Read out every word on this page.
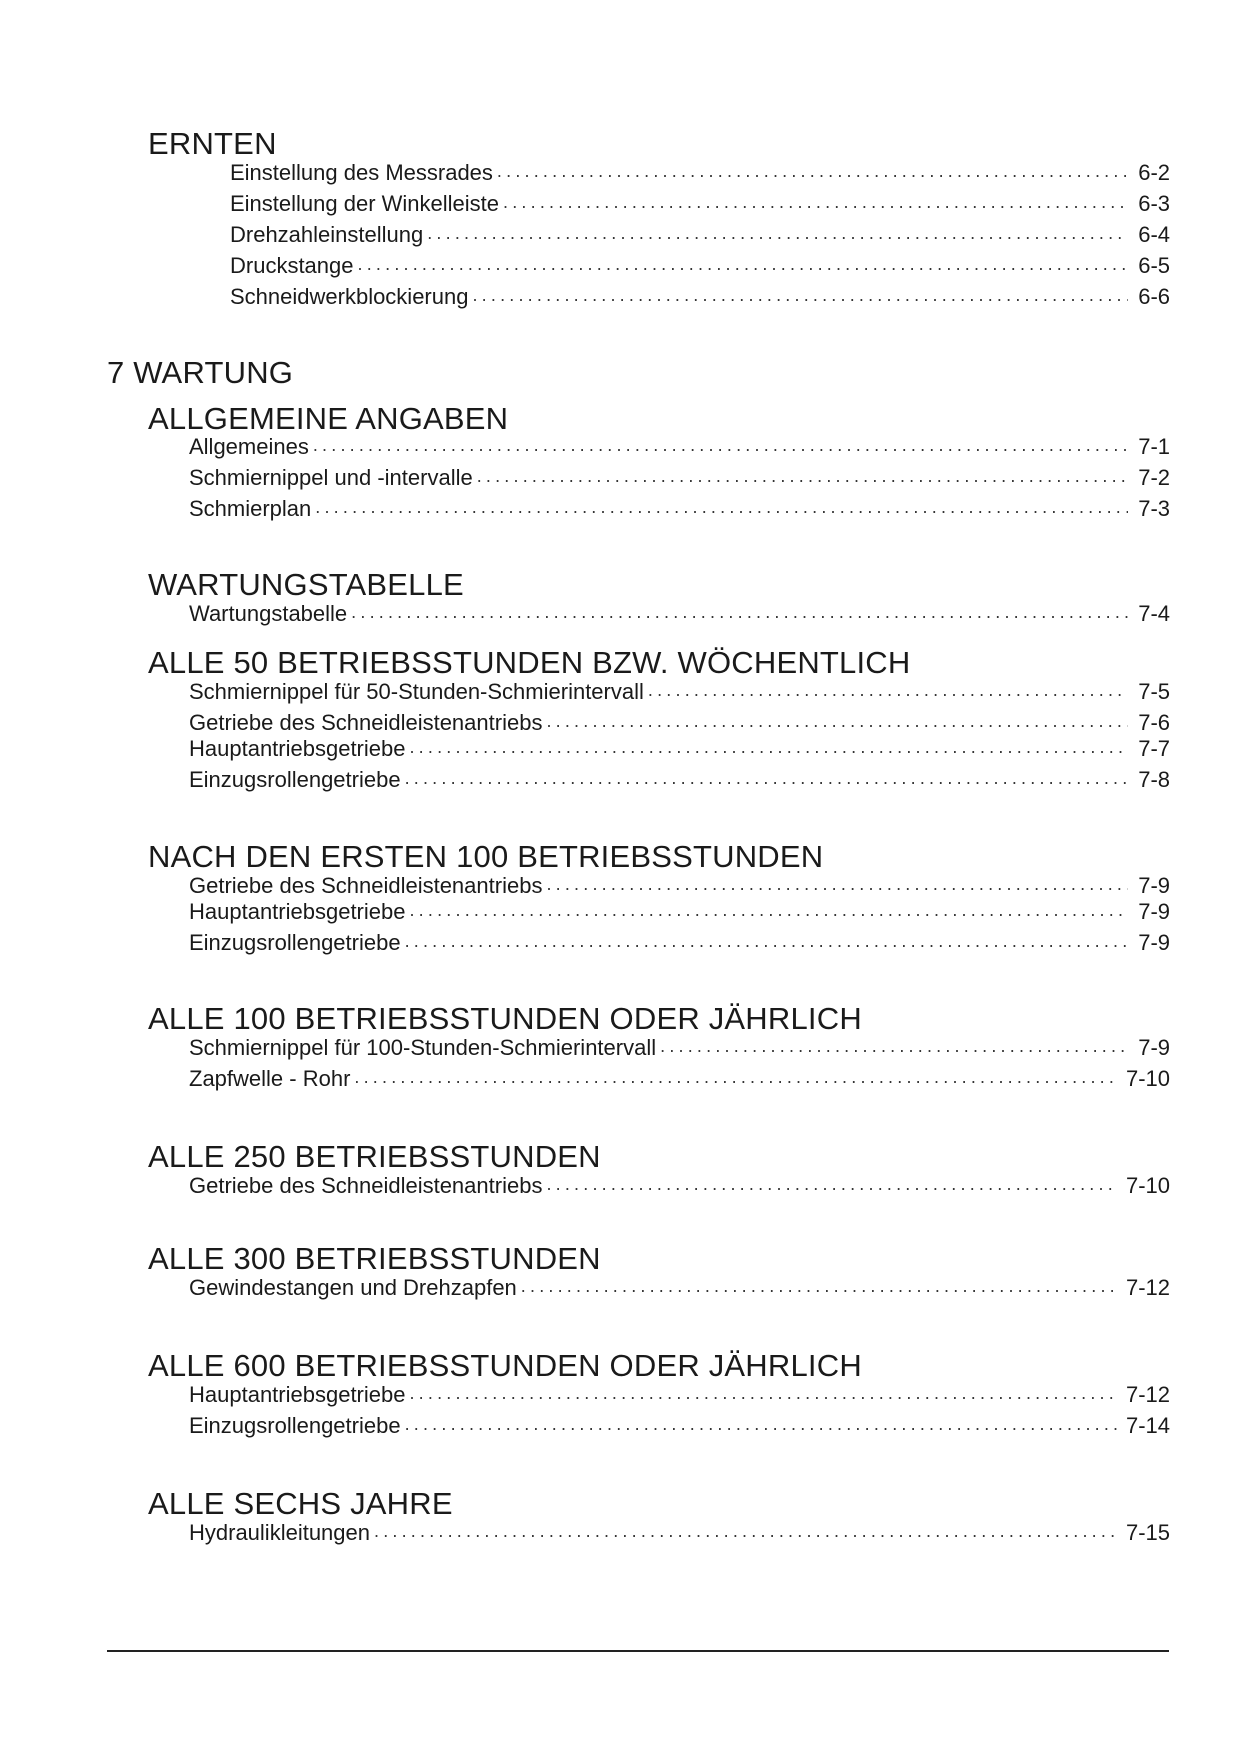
ERNTEN
Einstellung des Messrades .....	6-2
Einstellung der Winkelleiste .....	6-3
Drehzahleinstellung .....	6-4
Druckstange .....	6-5
Schneidwerkblockierung .....	6-6
7 WARTUNG
ALLGEMEINE ANGABEN
Allgemeines .....	7-1
Schmiernippel und -intervalle .....	7-2
Schmierplan .....	7-3
WARTUNGSTABELLE
Wartungstabelle .....	7-4
ALLE 50 BETRIEBSSTUNDEN BZW. WÖCHENTLICH
Schmiernippel für 50-Stunden-Schmierintervall .....	7-5
Getriebe des Schneidleistenantriebs .....	7-6
Hauptantriebsgetriebe .....	7-7
Einzugsrollengetriebe .....	7-8
NACH DEN ERSTEN 100 BETRIEBSSTUNDEN
Getriebe des Schneidleistenantriebs .....	7-9
Hauptantriebsgetriebe .....	7-9
Einzugsrollengetriebe .....	7-9
ALLE 100 BETRIEBSSTUNDEN ODER JÄHRLICH
Schmiernippel für 100-Stunden-Schmierintervall .....	7-9
Zapfwelle - Rohr .....	7-10
ALLE 250 BETRIEBSSTUNDEN
Getriebe des Schneidleistenantriebs .....	7-10
ALLE 300 BETRIEBSSTUNDEN
Gewindestangen und Drehzapfen .....	7-12
ALLE 600 BETRIEBSSTUNDEN ODER JÄHRLICH
Hauptantriebsgetriebe .....	7-12
Einzugsrollengetriebe .....	7-14
ALLE SECHS JAHRE
Hydraulikleitungen .....	7-15
